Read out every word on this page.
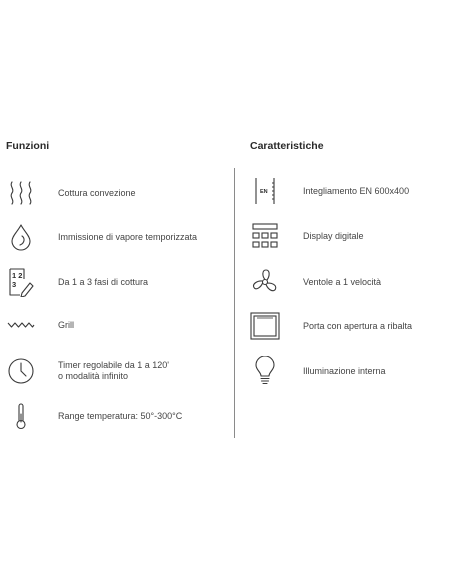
Funzioni
Cottura convezione
Immissione di vapore temporizzata
1 2
3	Da 1 a 3 fasi di cottura
Grill
Timer regolabile da 1 a 120'
o modalità infinito
Range temperatura: 50°-300°C
Caratteristiche
EN	Integliamento EN 600x400
Display digitale
Ventole a 1 velocità
Porta con apertura a ribalta
Illuminazione interna
